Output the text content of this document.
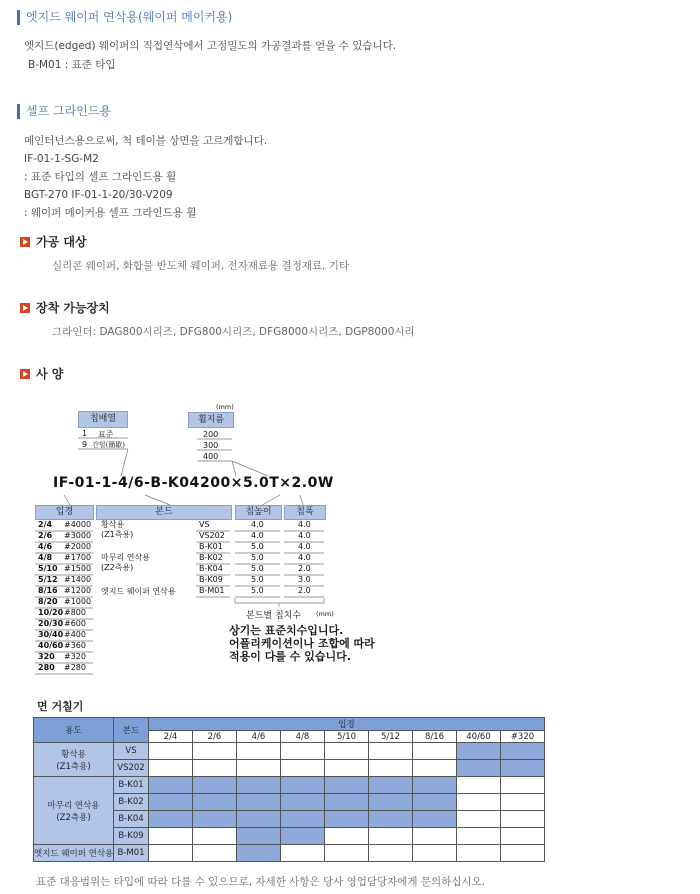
엣지드 웨이퍼 연삭용(웨이퍼 메이커용)
엣지드(edged) 웨이퍼의 직접연삭에서 고정밀도의 가공결과를 얻을 수 있습니다.
B-M01 : 표준 타입
셀프 그라인드용
메인터넌스용으로써, 척 테이블 상면을 고르게합니다.
IF-01-1-SG-M2
: 표준 타입의 셀프 그라인드용 휠
BGT-270 IF-01-1-20/30-V209
: 웨이퍼 메이커용 셀프 그라인드용 휠
가공 대상
실리콘 웨이퍼, 화합물 반도체 웨이퍼, 전자재료용 결정재료, 기타
장착 가능장치
그라인더: DAG800시리즈, DFG800시리즈, DFG8000시리즈, DGP8000시리
사 양
칩배열
1 표준
9 간헐(簡歇)
(mm)
휠지름
200
300
400
IF-01-1-4/6-B-K04 200×5.0T×2.0W
입경
2/4 #4000
2/6 #3000
4/6 #2000
4/8 #1700
5/10 #1500
5/12 #1400
8/16 #1200
8/20 #1000
10/20 #800
20/30 #600
30/40 #400
40/60 #360
320 #320
280 #280
본드	칩높이	칩폭
황삭용
(Z1측용)
마무리 연삭용
(Z2측용)
엣지드 웨이퍼 연삭용
VS	4.0	4.0
VS202	4.0	4.0
B-K01	5.0	4.0
B-K02	5.0	4.0
B-K04	5.0	2.0
B-K09	5.0	3.0
B-M01	5.0	2.0
본드별 칩치수 (mm)
상기는 표준치수입니다.
어플리케이션이나 조합에 따라
적용이 다를 수 있습니다.
면 거칠기
용도	본드	입경								
		2/4	2/6	4/6	4/8	5/10	5/12	8/16	40/60	#320
황삭용
(Z1측용)	VS									
	VS202									
마무리 연삭용
(Z2측용)	B-K01									
	B-K02									
	B-K04									
	B-K09									
엣지드 웨이퍼 연삭용	B-M01									
표준 대응범위는 타입에 따라 다를 수 있으므로, 자세한 사항은 당사 영업담당자에게 문의하십시오.
